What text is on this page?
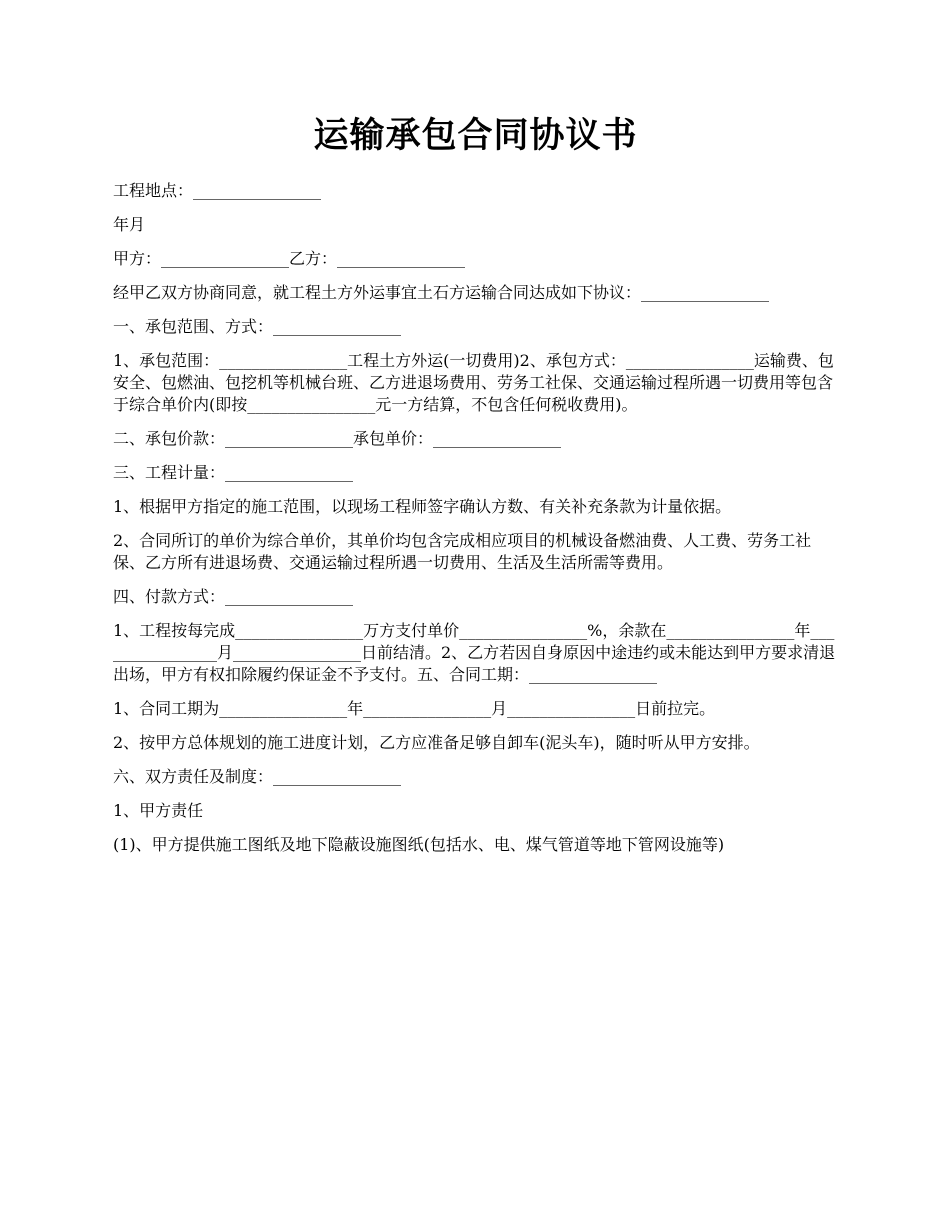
运输承包合同协议书

工程地点：________________

年月

甲方：________________乙方：________________

经甲乙双方协商同意，就工程土方外运事宜土石方运输合同达成如下协议：________________

一、承包范围、方式：________________

1、承包范围：________________工程土方外运(一切费用)2、承包方式：________________运输费、包安全、包燃油、包挖机等机械台班、乙方进退场费用、劳务工社保、交通运输过程所遇一切费用等包含于综合单价内(即按________________元一方结算，不包含任何税收费用)。

二、承包价款：________________承包单价：________________

三、工程计量：________________

1、根据甲方指定的施工范围，以现场工程师签字确认方数、有关补充条款为计量依据。

2、合同所订的单价为综合单价，其单价均包含完成相应项目的机械设备燃油费、人工费、劳务工社保、乙方所有进退场费、交通运输过程所遇一切费用、生活及生活所需等费用。

四、付款方式：________________

1、工程按每完成________________万方支付单价________________%，余款在________________年________________月________________日前结清。2、乙方若因自身原因中途违约或未能达到甲方要求清退出场，甲方有权扣除履约保证金不予支付。五、合同工期：________________

1、合同工期为________________年________________月________________日前拉完。

2、按甲方总体规划的施工进度计划，乙方应准备足够自卸车(泥头车)，随时听从甲方安排。

六、双方责任及制度：________________

1、甲方责任

(1)、甲方提供施工图纸及地下隐蔽设施图纸(包括水、电、煤气管道等地下管网设施等)
